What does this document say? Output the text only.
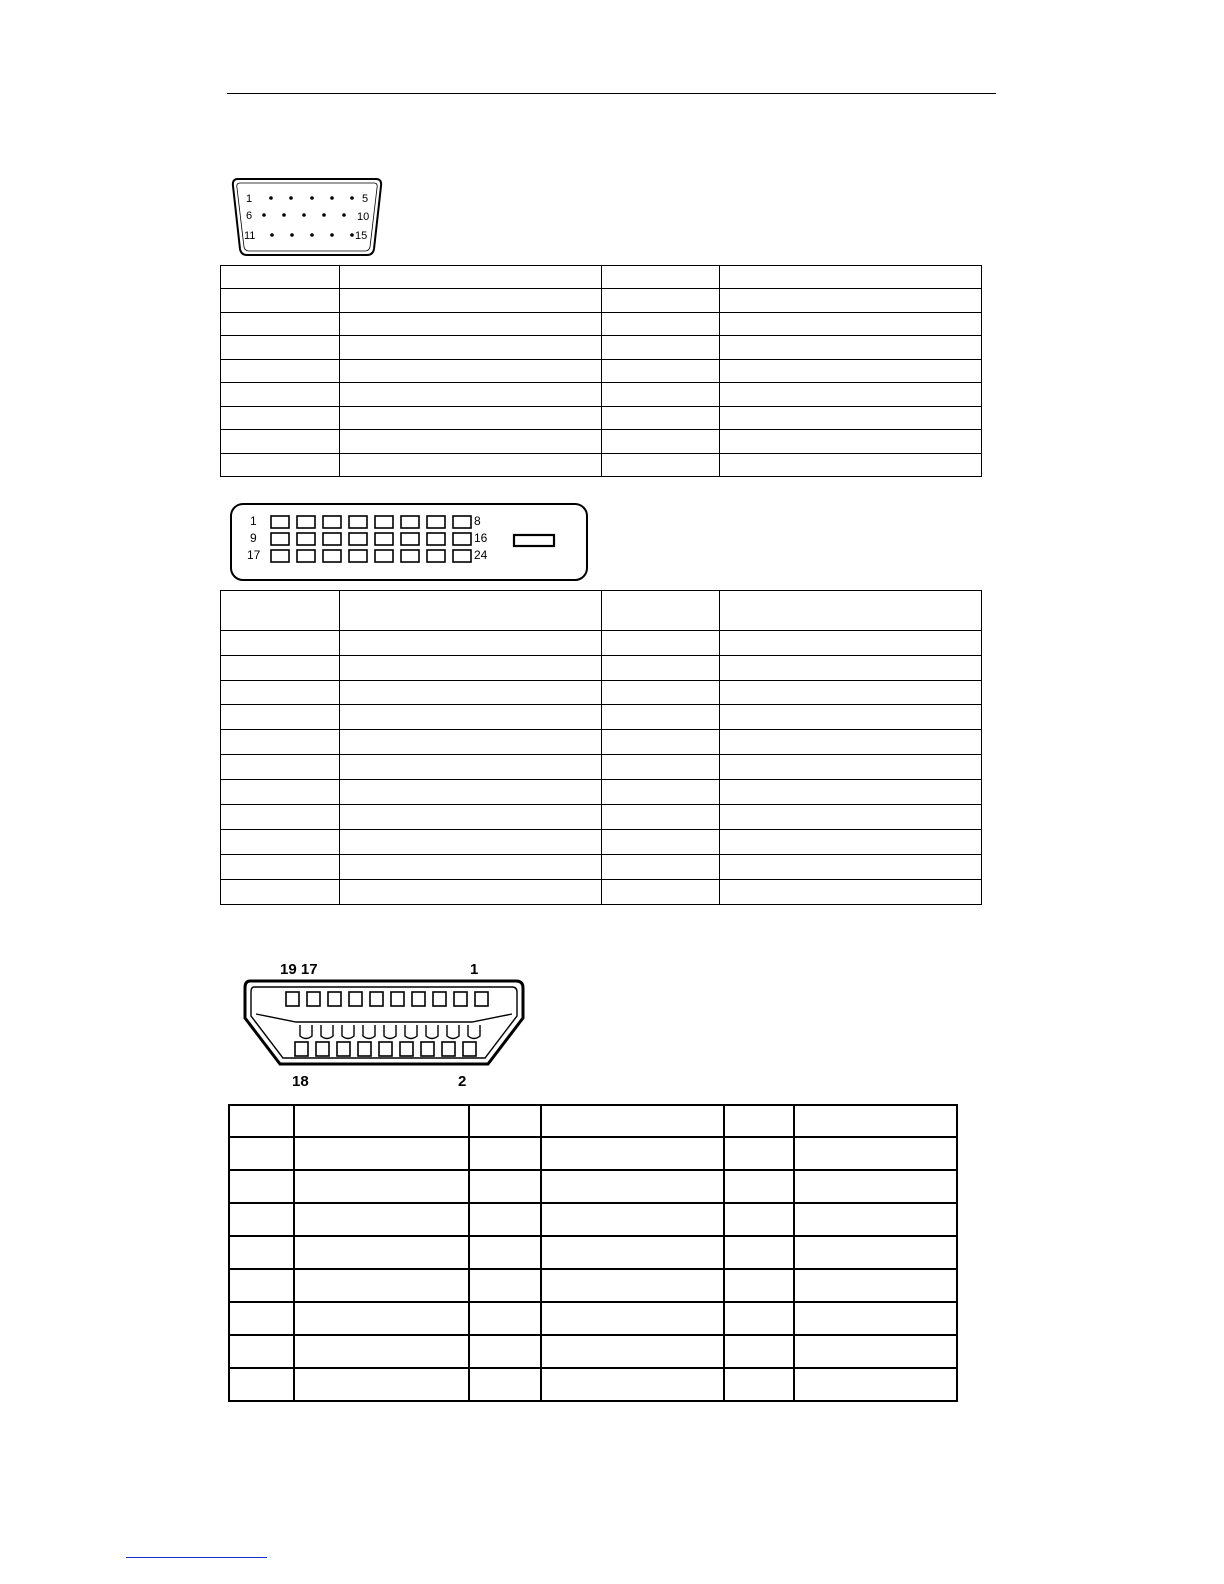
1	5
6	10
11	15

1	8
9	16
17	24

19 17	1
18	2
